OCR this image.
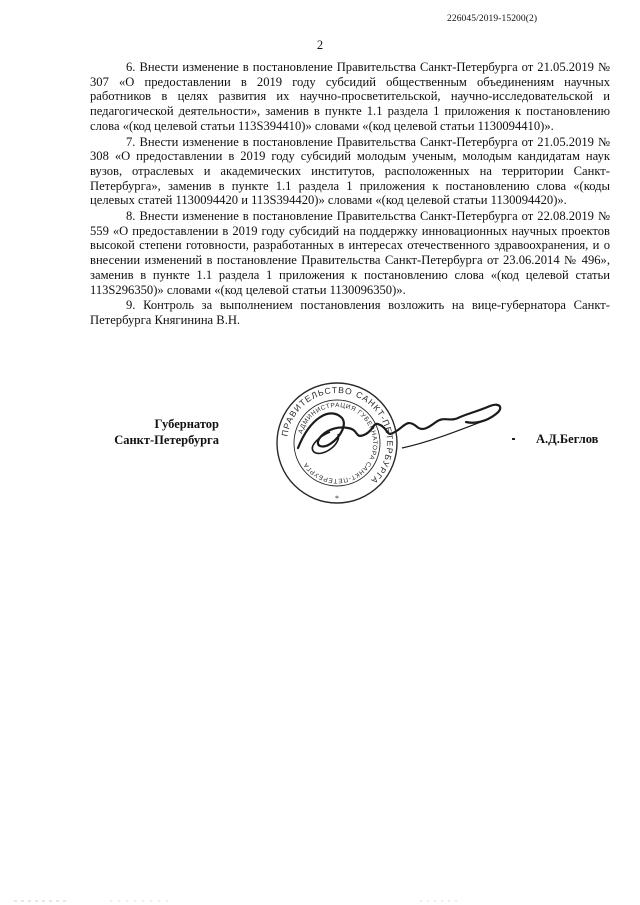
226045/2019-15200(2)
2

6. Внести изменение в постановление Правительства Санкт-Петербурга от 21.05.2019 № 307 «О предоставлении в 2019 году субсидий общественным объединениям научных работников в целях развития их научно-просветительской, научно-исследовательской и педагогической деятельности», заменив в пункте 1.1 раздела 1 приложения к постановлению слова «(код целевой статьи 113S394410)» словами «(код целевой статьи 1130094410)».

7. Внести изменение в постановление Правительства Санкт-Петербурга от 21.05.2019 № 308 «О предоставлении в 2019 году субсидий молодым ученым, молодым кандидатам наук вузов, отраслевых и академических институтов, расположенных на территории Санкт-Петербурга», заменив в пункте 1.1 раздела 1 приложения к постановлению слова «(коды целевых статей 1130094420 и 113S394420)» словами «(код целевой статьи 1130094420)».

8. Внести изменение в постановление Правительства Санкт-Петербурга от 22.08.2019 № 559 «О предоставлении в 2019 году субсидий на поддержку инновационных научных проектов высокой степени готовности, разработанных в интересах отечественного здравоохранения, и о внесении изменений в постановление Правительства Санкт-Петербурга от 23.06.2014 № 496», заменив в пункте 1.1 раздела 1 приложения к постановлению слова «(код целевой статьи 113S296350)» словами «(код целевой статьи 1130096350)».

9. Контроль за выполнением постановления возложить на вице-губернатора Санкт-Петербурга Княгинина В.Н.

Губернатор
Санкт-Петербурга
ПРАВИТЕЛЬСТВО САНКТ-ПЕТЕРБУРГА
АДМИНИСТРАЦИЯ ГУБЕРНАТОРА САНКТ-ПЕТЕРБУРГА
*
А.Д.Беглов
